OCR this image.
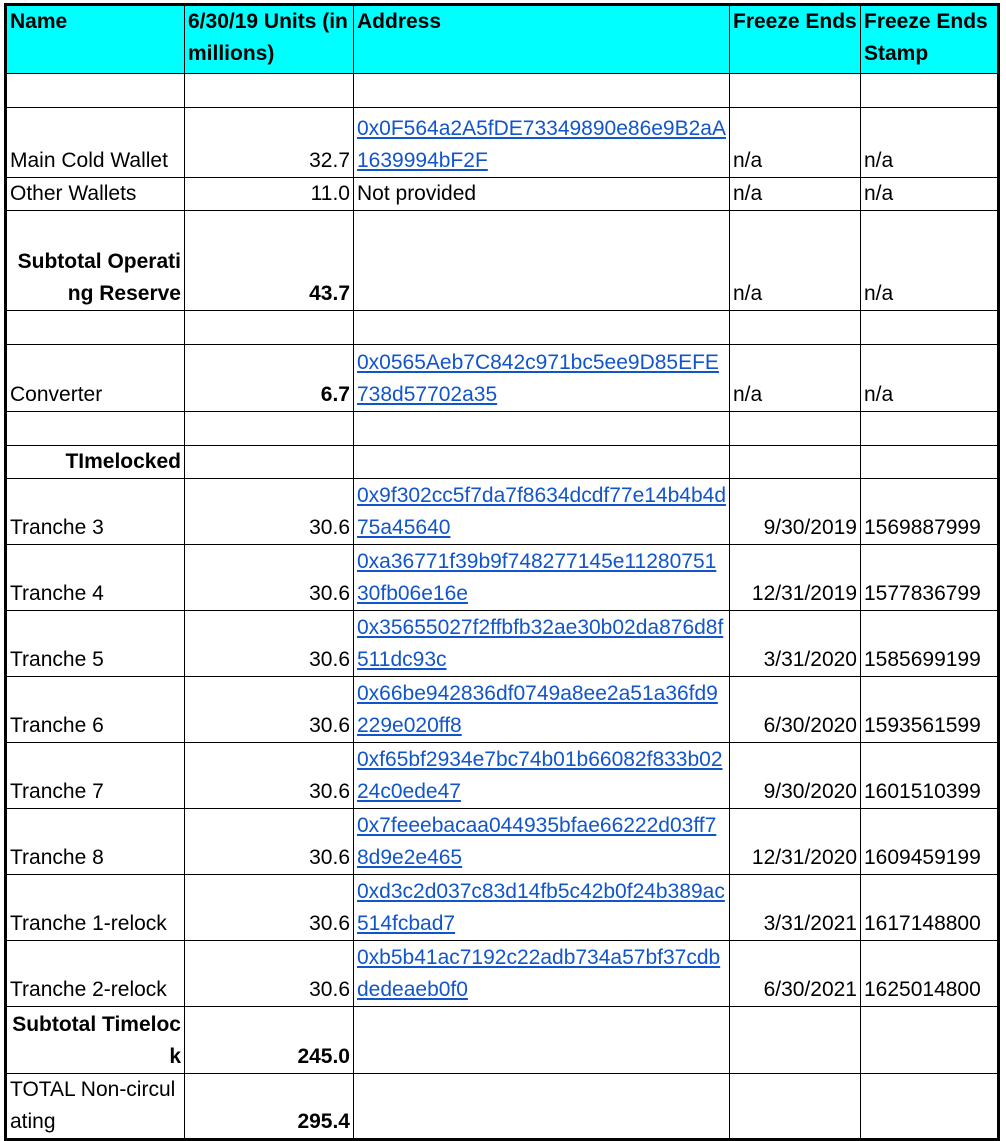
Name	6/30/19 Units (in millions)	Address	Freeze Ends	Freeze Ends Stamp

Main Cold Wallet	32.7	0x0F564a2A5fDE73349890e86e9B2aA1639994bF2F	n/a	n/a
Other Wallets	11.0	Not provided	n/a	n/a
Subtotal Operating Reserve	43.7		n/a	n/a

Converter	6.7	0x0565Aeb7C842c971bc5ee9D85EFE738d57702a35	n/a	n/a

TImelocked				
Tranche 3	30.6	0x9f302cc5f7da7f8634dcdf77e14b4b4d75a45640	9/30/2019	1569887999
Tranche 4	30.6	0xa36771f39b9f748277145e1128075130fb06e16e	12/31/2019	1577836799
Tranche 5	30.6	0x35655027f2ffbfb32ae30b02da876d8f511dc93c	3/31/2020	1585699199
Tranche 6	30.6	0x66be942836df0749a8ee2a51a36fd9229e020ff8	6/30/2020	1593561599
Tranche 7	30.6	0xf65bf2934e7bc74b01b66082f833b0224c0ede47	9/30/2020	1601510399
Tranche 8	30.6	0x7feeebacaa044935bfae66222d03ff78d9e2e465	12/31/2020	1609459199
Tranche 1-relock	30.6	0xd3c2d037c83d14fb5c42b0f24b389ac514fcbad7	3/31/2021	1617148800
Tranche 2-relock	30.6	0xb5b41ac7192c22adb734a57bf37cdbdedeaeb0f0	6/30/2021	1625014800
Subtotal Timelock	245.0			
TOTAL Non-circulating	295.4			
